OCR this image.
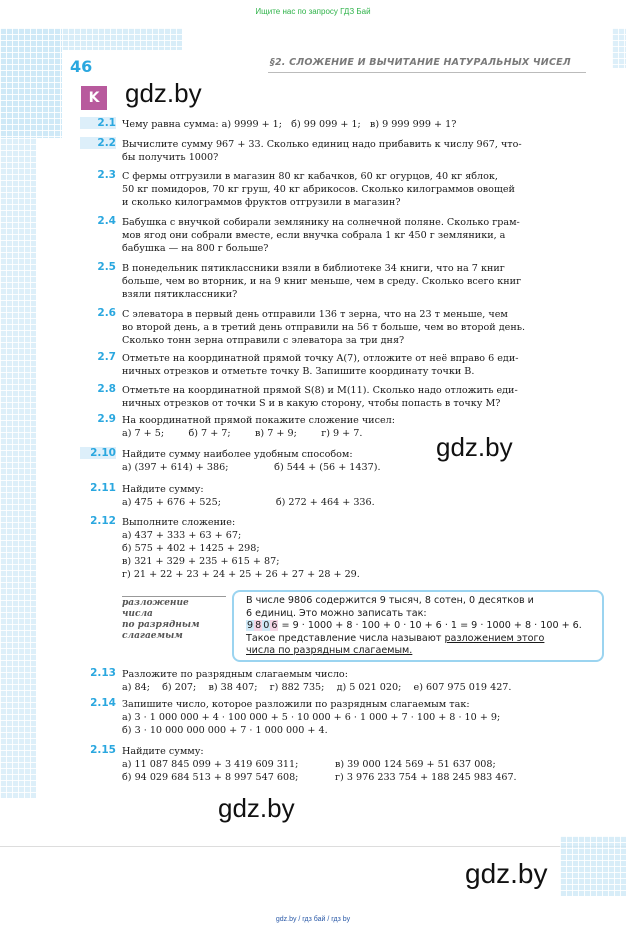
Ищите нас по запросу ГДЗ Бай
46	§2. СЛОЖЕНИЕ И ВЫЧИТАНИЕ НАТУРАЛЬНЫХ ЧИСЕЛ
K gdz.by
2.1 Чему равна сумма: а) 9999 + 1;   б) 99 099 + 1;   в) 9 999 999 + 1?
2.2 Вычислите сумму 967 + 33. Сколько единиц надо прибавить к числу 967, что-
бы получить 1000?
2.3 С фермы отгрузили в магазин 80 кг кабачков, 60 кг огурцов, 40 кг яблок,
50 кг помидоров, 70 кг груш, 40 кг абрикосов. Сколько килограммов овощей
и сколько килограммов фруктов отгрузили в магазин?
2.4 Бабушка с внучкой собирали землянику на солнечной поляне. Сколько грам-
мов ягод они собрали вместе, если внучка собрала 1 кг 450 г земляники, а
бабушка — на 800 г больше?
2.5 В понедельник пятиклассники взяли в библиотеке 34 книги, что на 7 книг
больше, чем во вторник, и на 9 книг меньше, чем в среду. Сколько всего книг
взяли пятиклассники?
2.6 С элеватора в первый день отправили 136 т зерна, что на 23 т меньше, чем
во второй день, а в третий день отправили на 56 т больше, чем во второй день.
Сколько тонн зерна отправили с элеватора за три дня?
2.7 Отметьте на координатной прямой точку A(7), отложите от неё вправо 6 еди-
ничных отрезков и отметьте точку B. Запишите координату точки B.
2.8 Отметьте на координатной прямой S(8) и M(11). Сколько надо отложить еди-
ничных отрезков от точки S и в какую сторону, чтобы попасть в точку M?
2.9 На координатной прямой покажите сложение чисел:
а) 7 + 5;        б) 7 + 7;        в) 7 + 9;        г) 9 + 7.
2.10 Найдите сумму наиболее удобным способом:
а) (397 + 614) + 386;               б) 544 + (56 + 1437).
2.11 Найдите сумму:
а) 475 + 676 + 525;                  б) 272 + 464 + 336.
2.12 Выполните сложение:
а) 437 + 333 + 63 + 67;
б) 575 + 402 + 1425 + 298;
в) 321 + 329 + 235 + 615 + 87;
г) 21 + 22 + 23 + 24 + 25 + 26 + 27 + 28 + 29.
2.13 Разложите по разрядным слагаемым число:
а) 84;    б) 207;    в) 38 407;    г) 882 735;    д) 5 021 020;    е) 607 975 019 427.
2.14 Запишите число, которое разложили по разрядным слагаемым так:
а) 3 · 1 000 000 + 4 · 100 000 + 5 · 10 000 + 6 · 1 000 + 7 · 100 + 8 · 10 + 9;
б) 3 · 10 000 000 000 + 7 · 1 000 000 + 4.
2.15 Найдите сумму:
а) 11 087 845 099 + 3 419 609 311;            в) 39 000 124 569 + 51 637 008;
б) 94 029 684 513 + 8 997 547 608;            г) 3 976 233 754 + 188 245 983 467.
разложение
числа
по разрядным
слагаемым
В числе 9806 содержится 9 тысяч, 8 сотен, 0 десятков и
6 единиц. Это можно записать так:
9 8 0 6 = 9 · 1000 + 8 · 100 + 0 · 10 + 6 · 1 = 9 · 1000 + 8 · 100 + 6.
Такое представление числа называют разложением этого
числа по разрядным слагаемым.
gdz.by
gdz.by
gdz.by
gdz.by / гдз бай / гдз by
